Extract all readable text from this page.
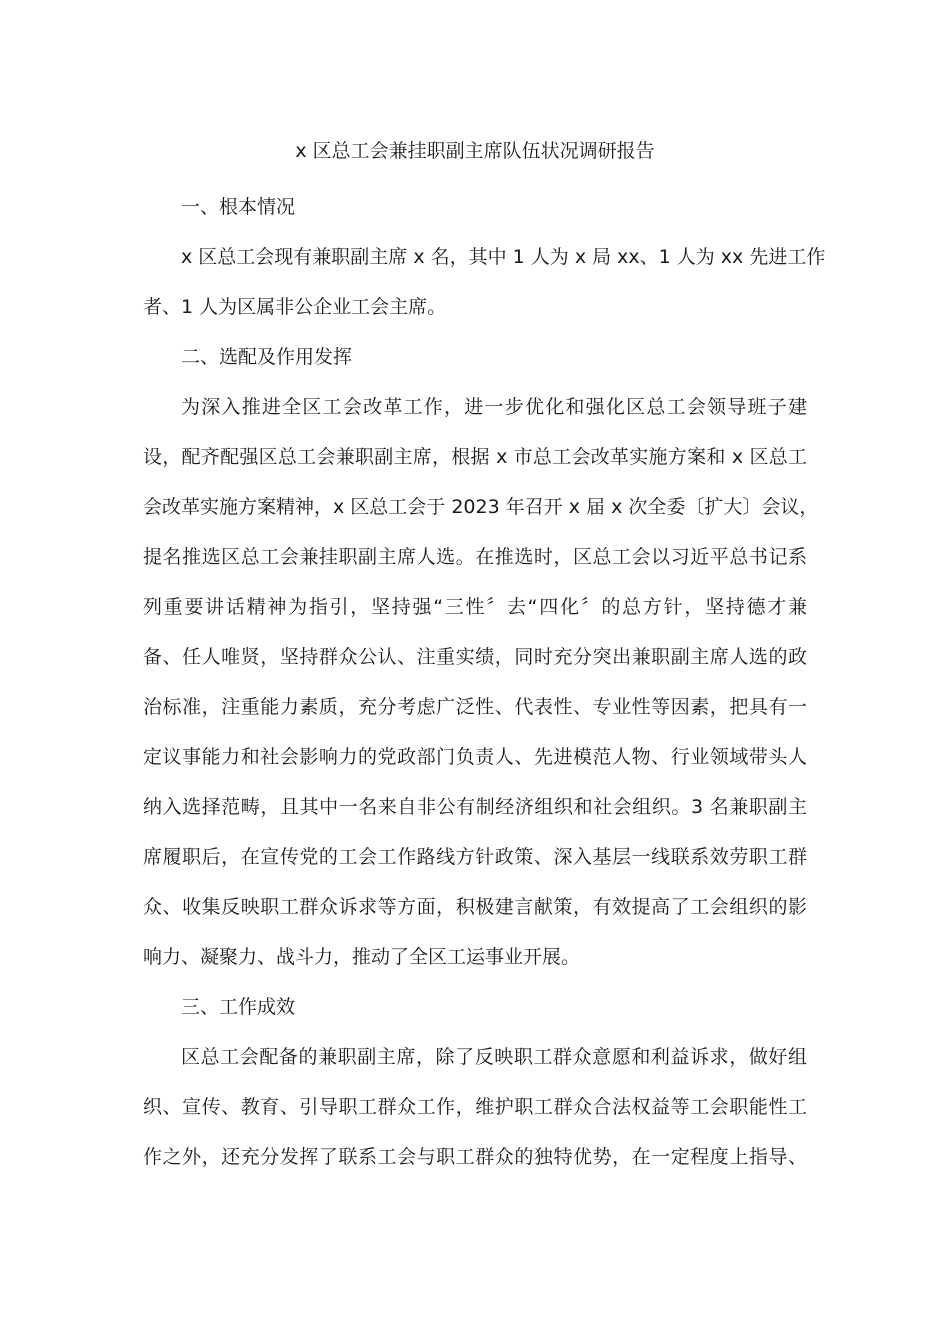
x 区总工会兼挂职副主席队伍状况调研报告
一、根本情况
x 区总工会现有兼职副主席 x 名，其中 1 人为 x 局 xx、1 人为 xx 先进工作
者、1 人为区属非公企业工会主席。
二、选配及作用发挥
为深入推进全区工会改革工作，进一步优化和强化区总工会领导班子建
设，配齐配强区总工会兼职副主席，根据 x 市总工会改革实施方案和 x 区总工
会改革实施方案精神，x 区总工会于 2023 年召开 x 届 x 次全委〔扩大〕会议，
提名推选区总工会兼挂职副主席人选。在推选时，区总工会以习近平总书记系
列重要讲话精神为指引，坚持强“三性〞去“四化〞的总方针，坚持德才兼
备、任人唯贤，坚持群众公认、注重实绩，同时充分突出兼职副主席人选的政
治标准，注重能力素质，充分考虑广泛性、代表性、专业性等因素，把具有一
定议事能力和社会影响力的党政部门负责人、先进模范人物、行业领域带头人
纳入选择范畴，且其中一名来自非公有制经济组织和社会组织。3 名兼职副主
席履职后，在宣传党的工会工作路线方针政策、深入基层一线联系效劳职工群
众、收集反映职工群众诉求等方面，积极建言献策，有效提高了工会组织的影
响力、凝聚力、战斗力，推动了全区工运事业开展。
三、工作成效
区总工会配备的兼职副主席，除了反映职工群众意愿和利益诉求，做好组
织、宣传、教育、引导职工群众工作，维护职工群众合法权益等工会职能性工
作之外，还充分发挥了联系工会与职工群众的独特优势，在一定程度上指导、
